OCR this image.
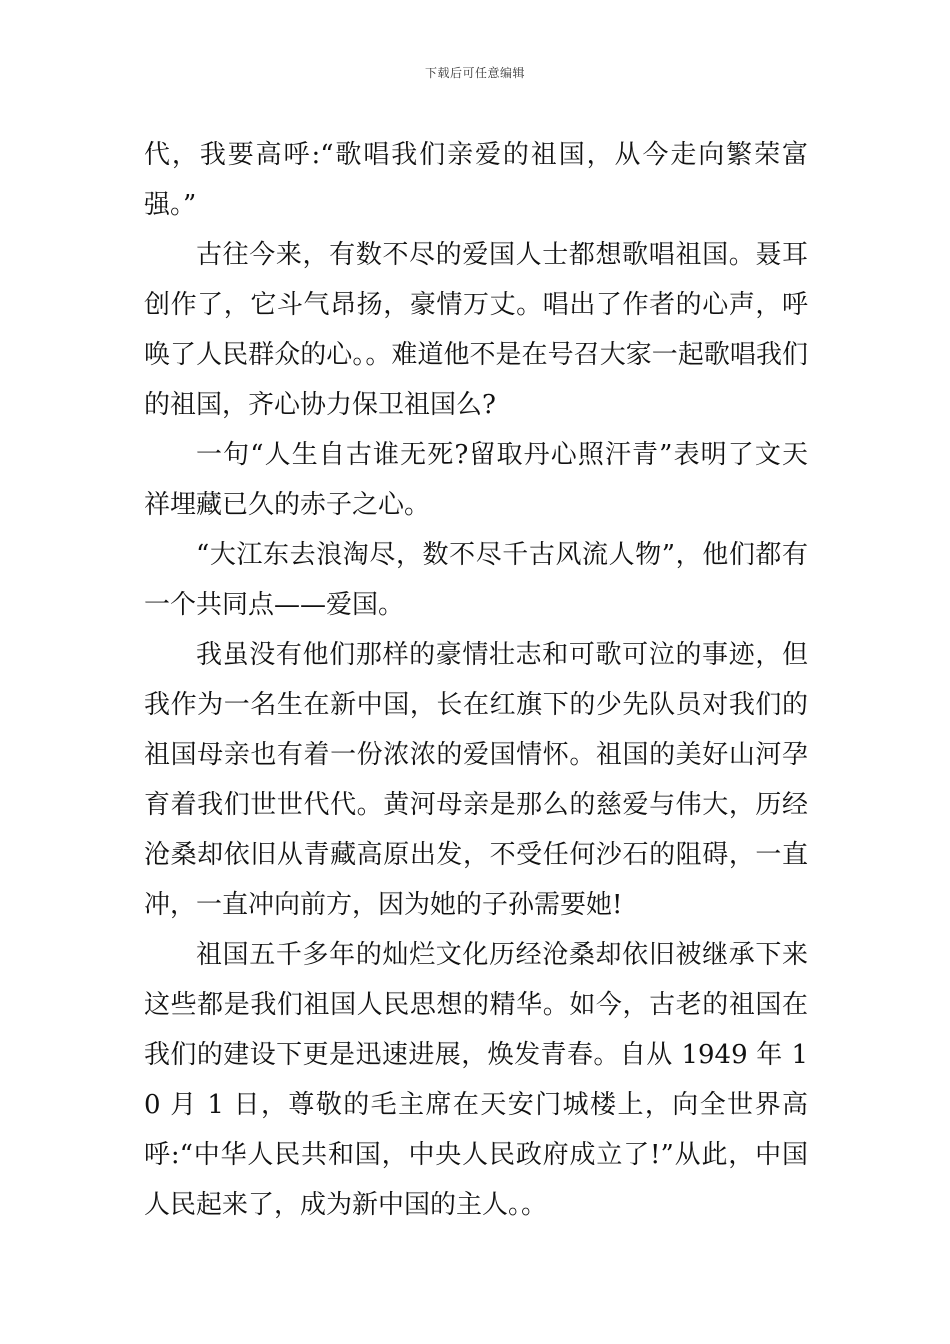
下载后可任意编辑

代，我要高呼:“歌唱我们亲爱的祖国，从今走向繁荣富强。”

古往今来，有数不尽的爱国人士都想歌唱祖国。聂耳创作了，它斗气昂扬，豪情万丈。唱出了作者的心声，呼唤了人民群众的心。。难道他不是在号召大家一起歌唱我们的祖国，齐心协力保卫祖国么?

一句“人生自古谁无死?留取丹心照汗青”表明了文天祥埋藏已久的赤子之心。

“大江东去浪淘尽，数不尽千古风流人物”，他们都有一个共同点——爱国。

我虽没有他们那样的豪情壮志和可歌可泣的事迹，但我作为一名生在新中国，长在红旗下的少先队员对我们的祖国母亲也有着一份浓浓的爱国情怀。祖国的美好山河孕育着我们世世代代。黄河母亲是那么的慈爱与伟大，历经沧桑却依旧从青藏高原出发，不受任何沙石的阻碍，一直冲，一直冲向前方，因为她的子孙需要她!

祖国五千多年的灿烂文化历经沧桑却依旧被继承下来这些都是我们祖国人民思想的精华。如今，古老的祖国在我们的建设下更是迅速进展，焕发青春。自从 1949 年 10 月 1 日，尊敬的毛主席在天安门城楼上，向全世界高呼:“中华人民共和国，中央人民政府成立了!”从此，中国人民起来了，成为新中国的主人。。
